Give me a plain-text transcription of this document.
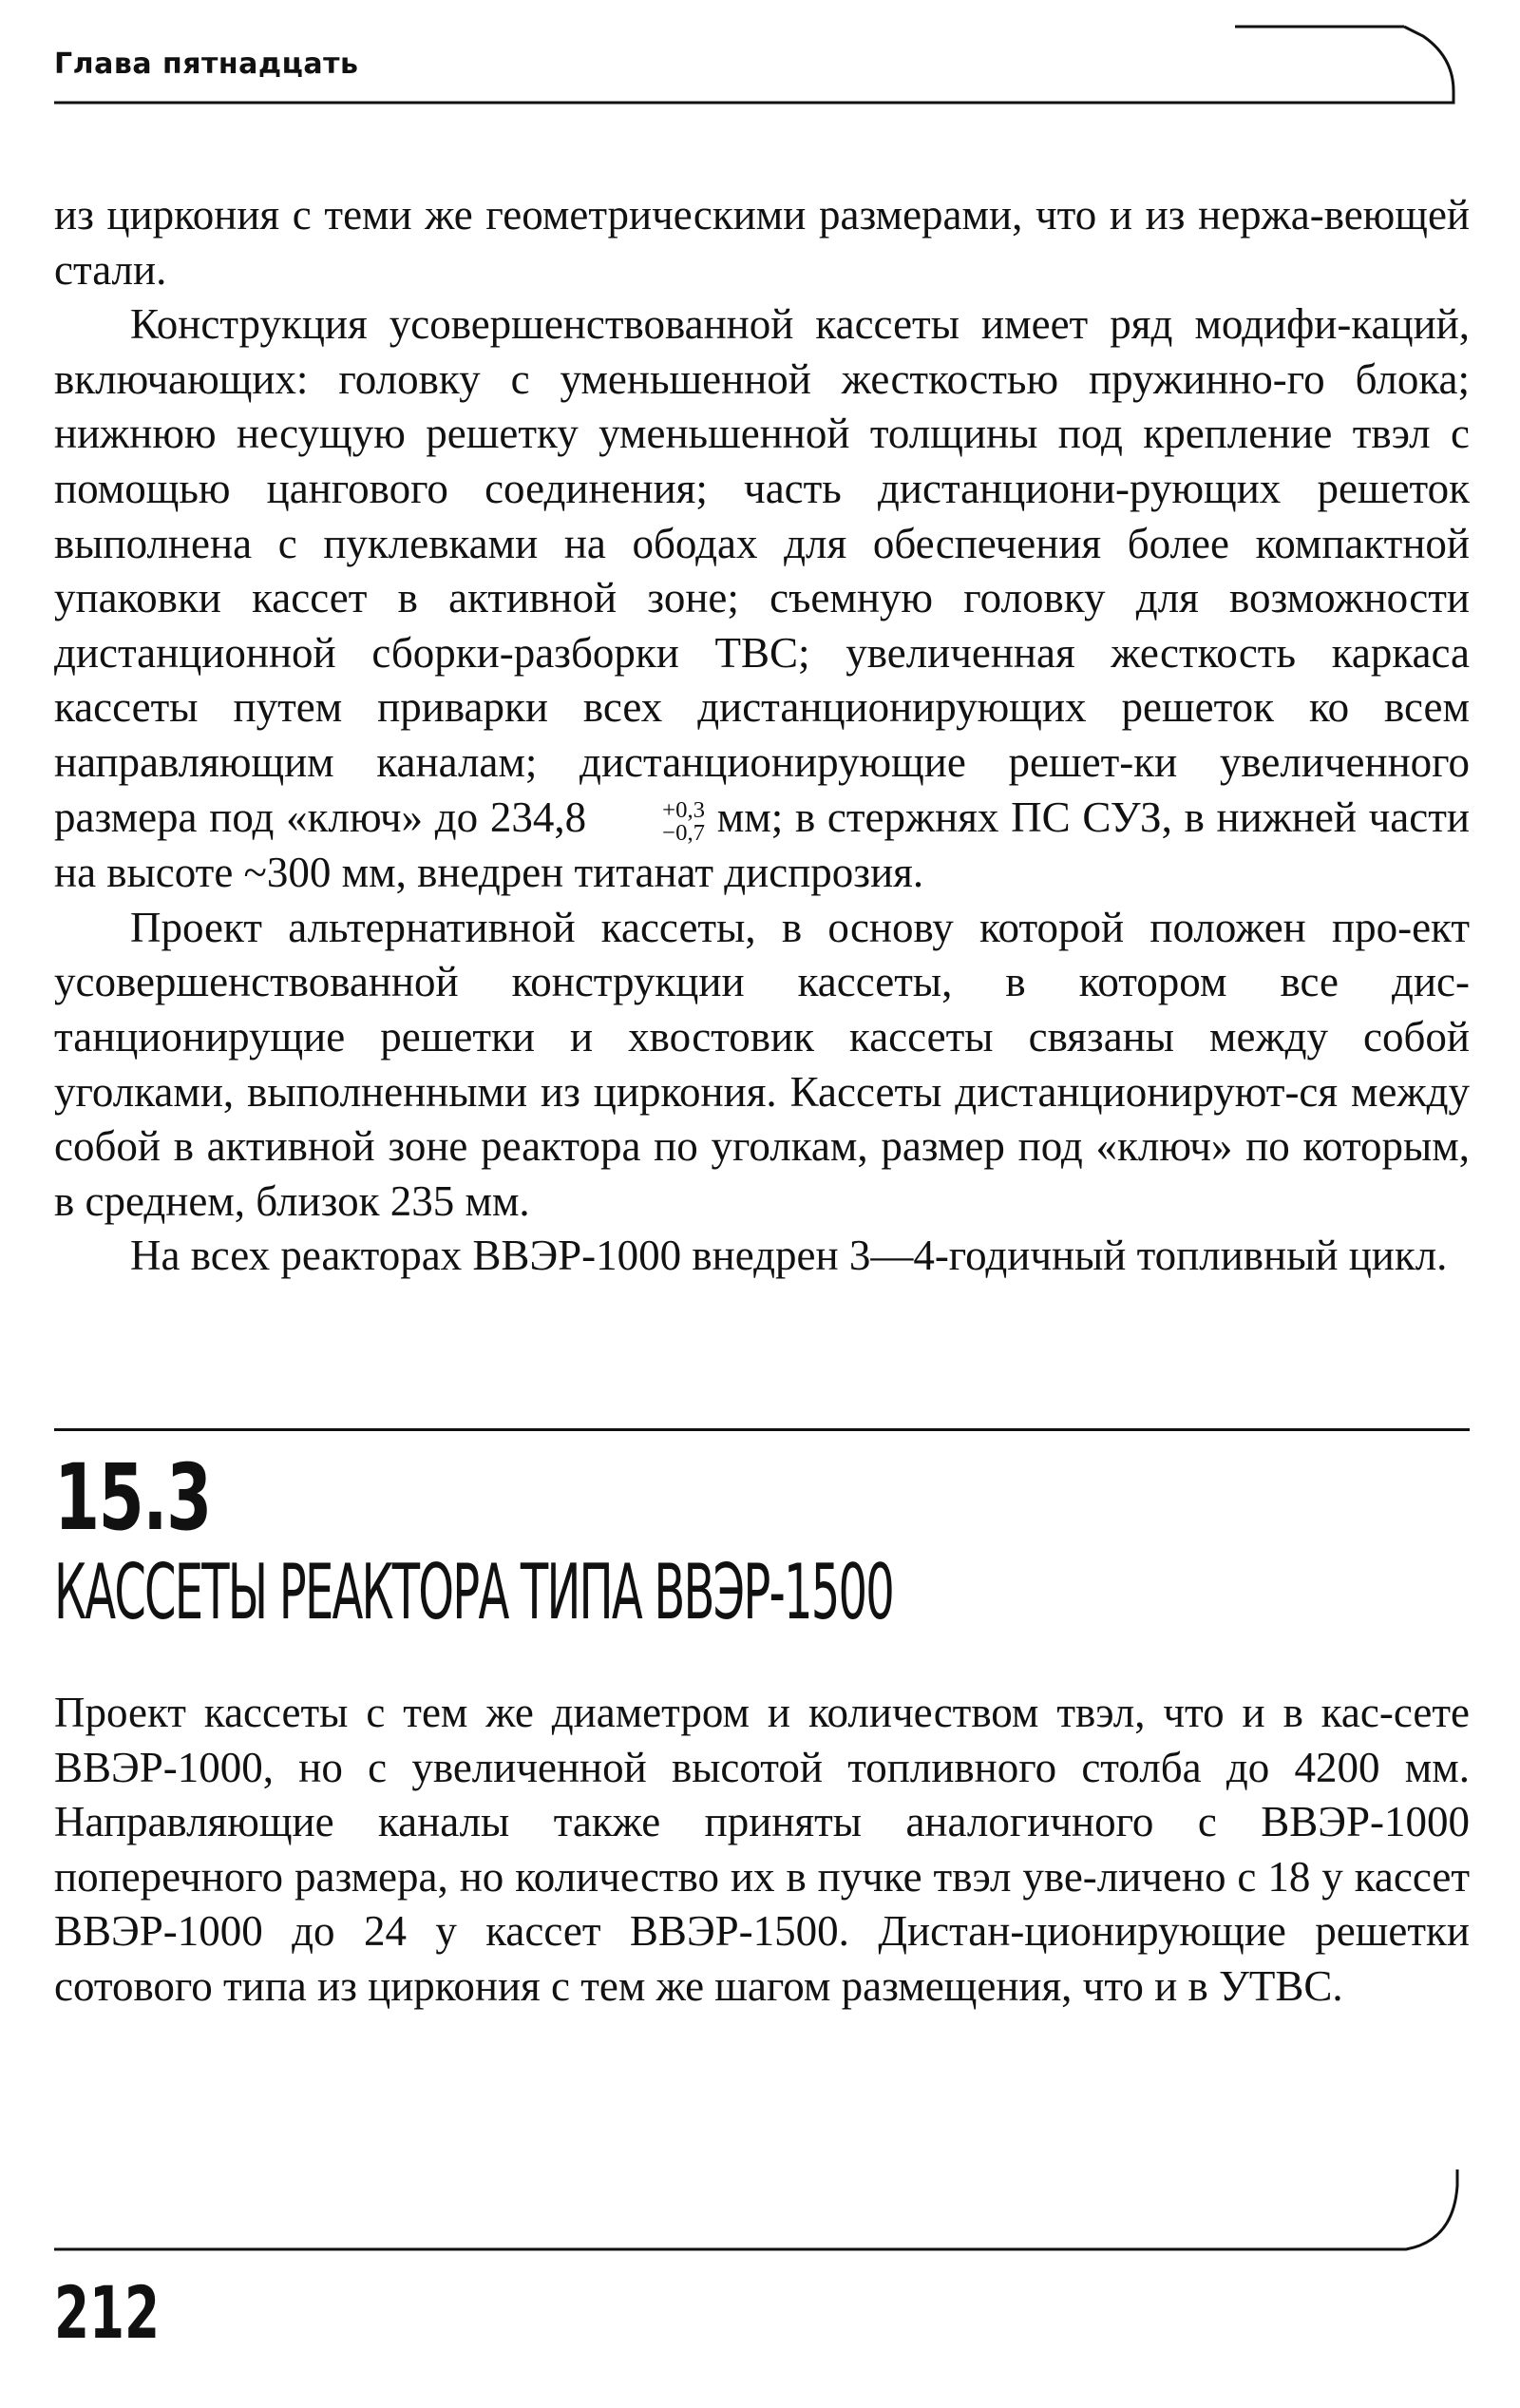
Глава пятнадцать

из циркония с теми же геометрическими размерами, что и из нержа-веющей стали.

Конструкция усовершенствованной кассеты имеет ряд модифи-каций, включающих: головку с уменьшенной жесткостью пружинно-го блока; нижнюю несущую решетку уменьшенной толщины под крепление твэл с помощью цангового соединения; часть дистанциони-рующих решеток выполнена с пуклевками на ободах для обеспечения более компактной упаковки кассет в активной зоне; съемную головку для возможности дистанционной сборки-разборки ТВС; увеличенная жесткость каркаса кассеты путем приварки всех дистанционирующих решеток ко всем направляющим каналам; дистанционирующие решет-ки увеличенного размера под «ключ» до 234,8	+0,3
−0,7 мм; в стержнях ПС СУЗ, в нижней части на высоте ~300 мм, внедрен титанат диспрозия.

Проект альтернативной кассеты, в основу которой положен про-ект усовершенствованной конструкции кассеты, в котором все дис-танционирущие решетки и хвостовик кассеты связаны между собой уголками, выполненными из циркония. Кассеты дистанционируют-ся между собой в активной зоне реактора по уголкам, размер под «ключ» по которым, в среднем, близок 235 мм.

На всех реакторах ВВЭР-1000 внедрен 3—4-годичный топливный цикл.

15.3
КАССЕТЫ РЕАКТОРА ТИПА ВВЭР-1500

Проект кассеты с тем же диаметром и количеством твэл, что и в кас-сете ВВЭР-1000, но с увеличенной высотой топливного столба до 4200 мм. Направляющие каналы также приняты аналогичного с ВВЭР-1000 поперечного размера, но количество их в пучке твэл уве-личено с 18 у кассет ВВЭР-1000 до 24 у кассет ВВЭР-1500. Дистан-ционирующие решетки сотового типа из циркония с тем же шагом размещения, что и в УТВС.

212
